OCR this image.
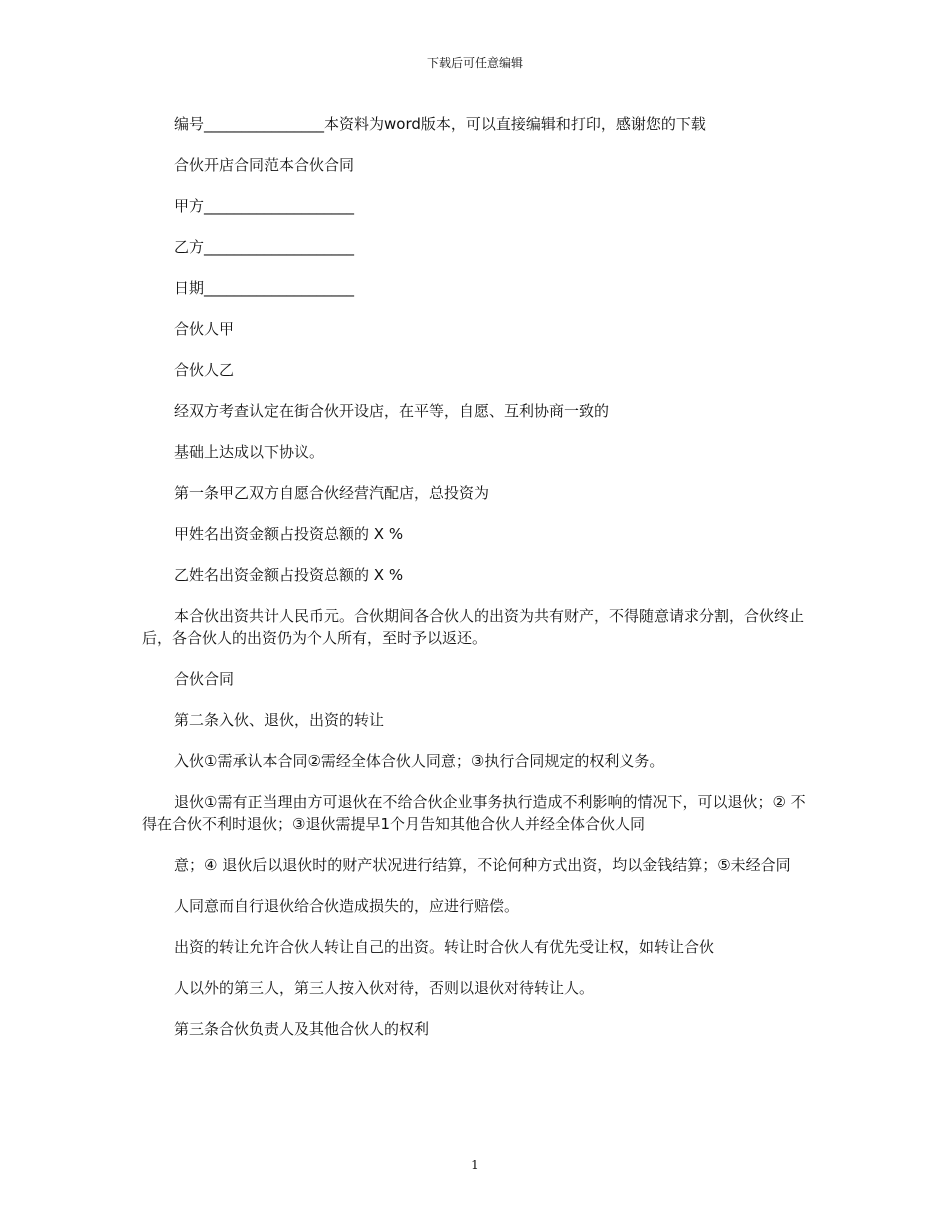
下载后可任意编辑

编号________________本资料为word版本，可以直接编辑和打印，感谢您的下载

合伙开店合同范本合伙合同

甲方____________________

乙方____________________

日期____________________

合伙人甲

合伙人乙

经双方考查认定在街合伙开设店，在平等，自愿、互利协商一致的

基础上达成以下协议。

第一条甲乙双方自愿合伙经营汽配店，总投资为

甲姓名出资金额占投资总额的 X %

乙姓名出资金额占投资总额的 X %

本合伙出资共计人民币元。合伙期间各合伙人的出资为共有财产，不得随意请求分割，合伙终止后，各合伙人的出资仍为个人所有，至时予以返还。

合伙合同

第二条入伙、退伙，出资的转让

入伙①需承认本合同②需经全体合伙人同意；③执行合同规定的权利义务。

退伙①需有正当理由方可退伙在不给合伙企业事务执行造成不利影响的情况下，可以退伙；② 不得在合伙不利时退伙；③退伙需提早1个月告知其他合伙人并经全体合伙人同

意；④ 退伙后以退伙时的财产状况进行结算，不论何种方式出资，均以金钱结算；⑤未经合同

人同意而自行退伙给合伙造成损失的，应进行赔偿。

出资的转让允许合伙人转让自己的出资。转让时合伙人有优先受让权，如转让合伙

人以外的第三人，第三人按入伙对待，否则以退伙对待转让人。

第三条合伙负责人及其他合伙人的权利

1
